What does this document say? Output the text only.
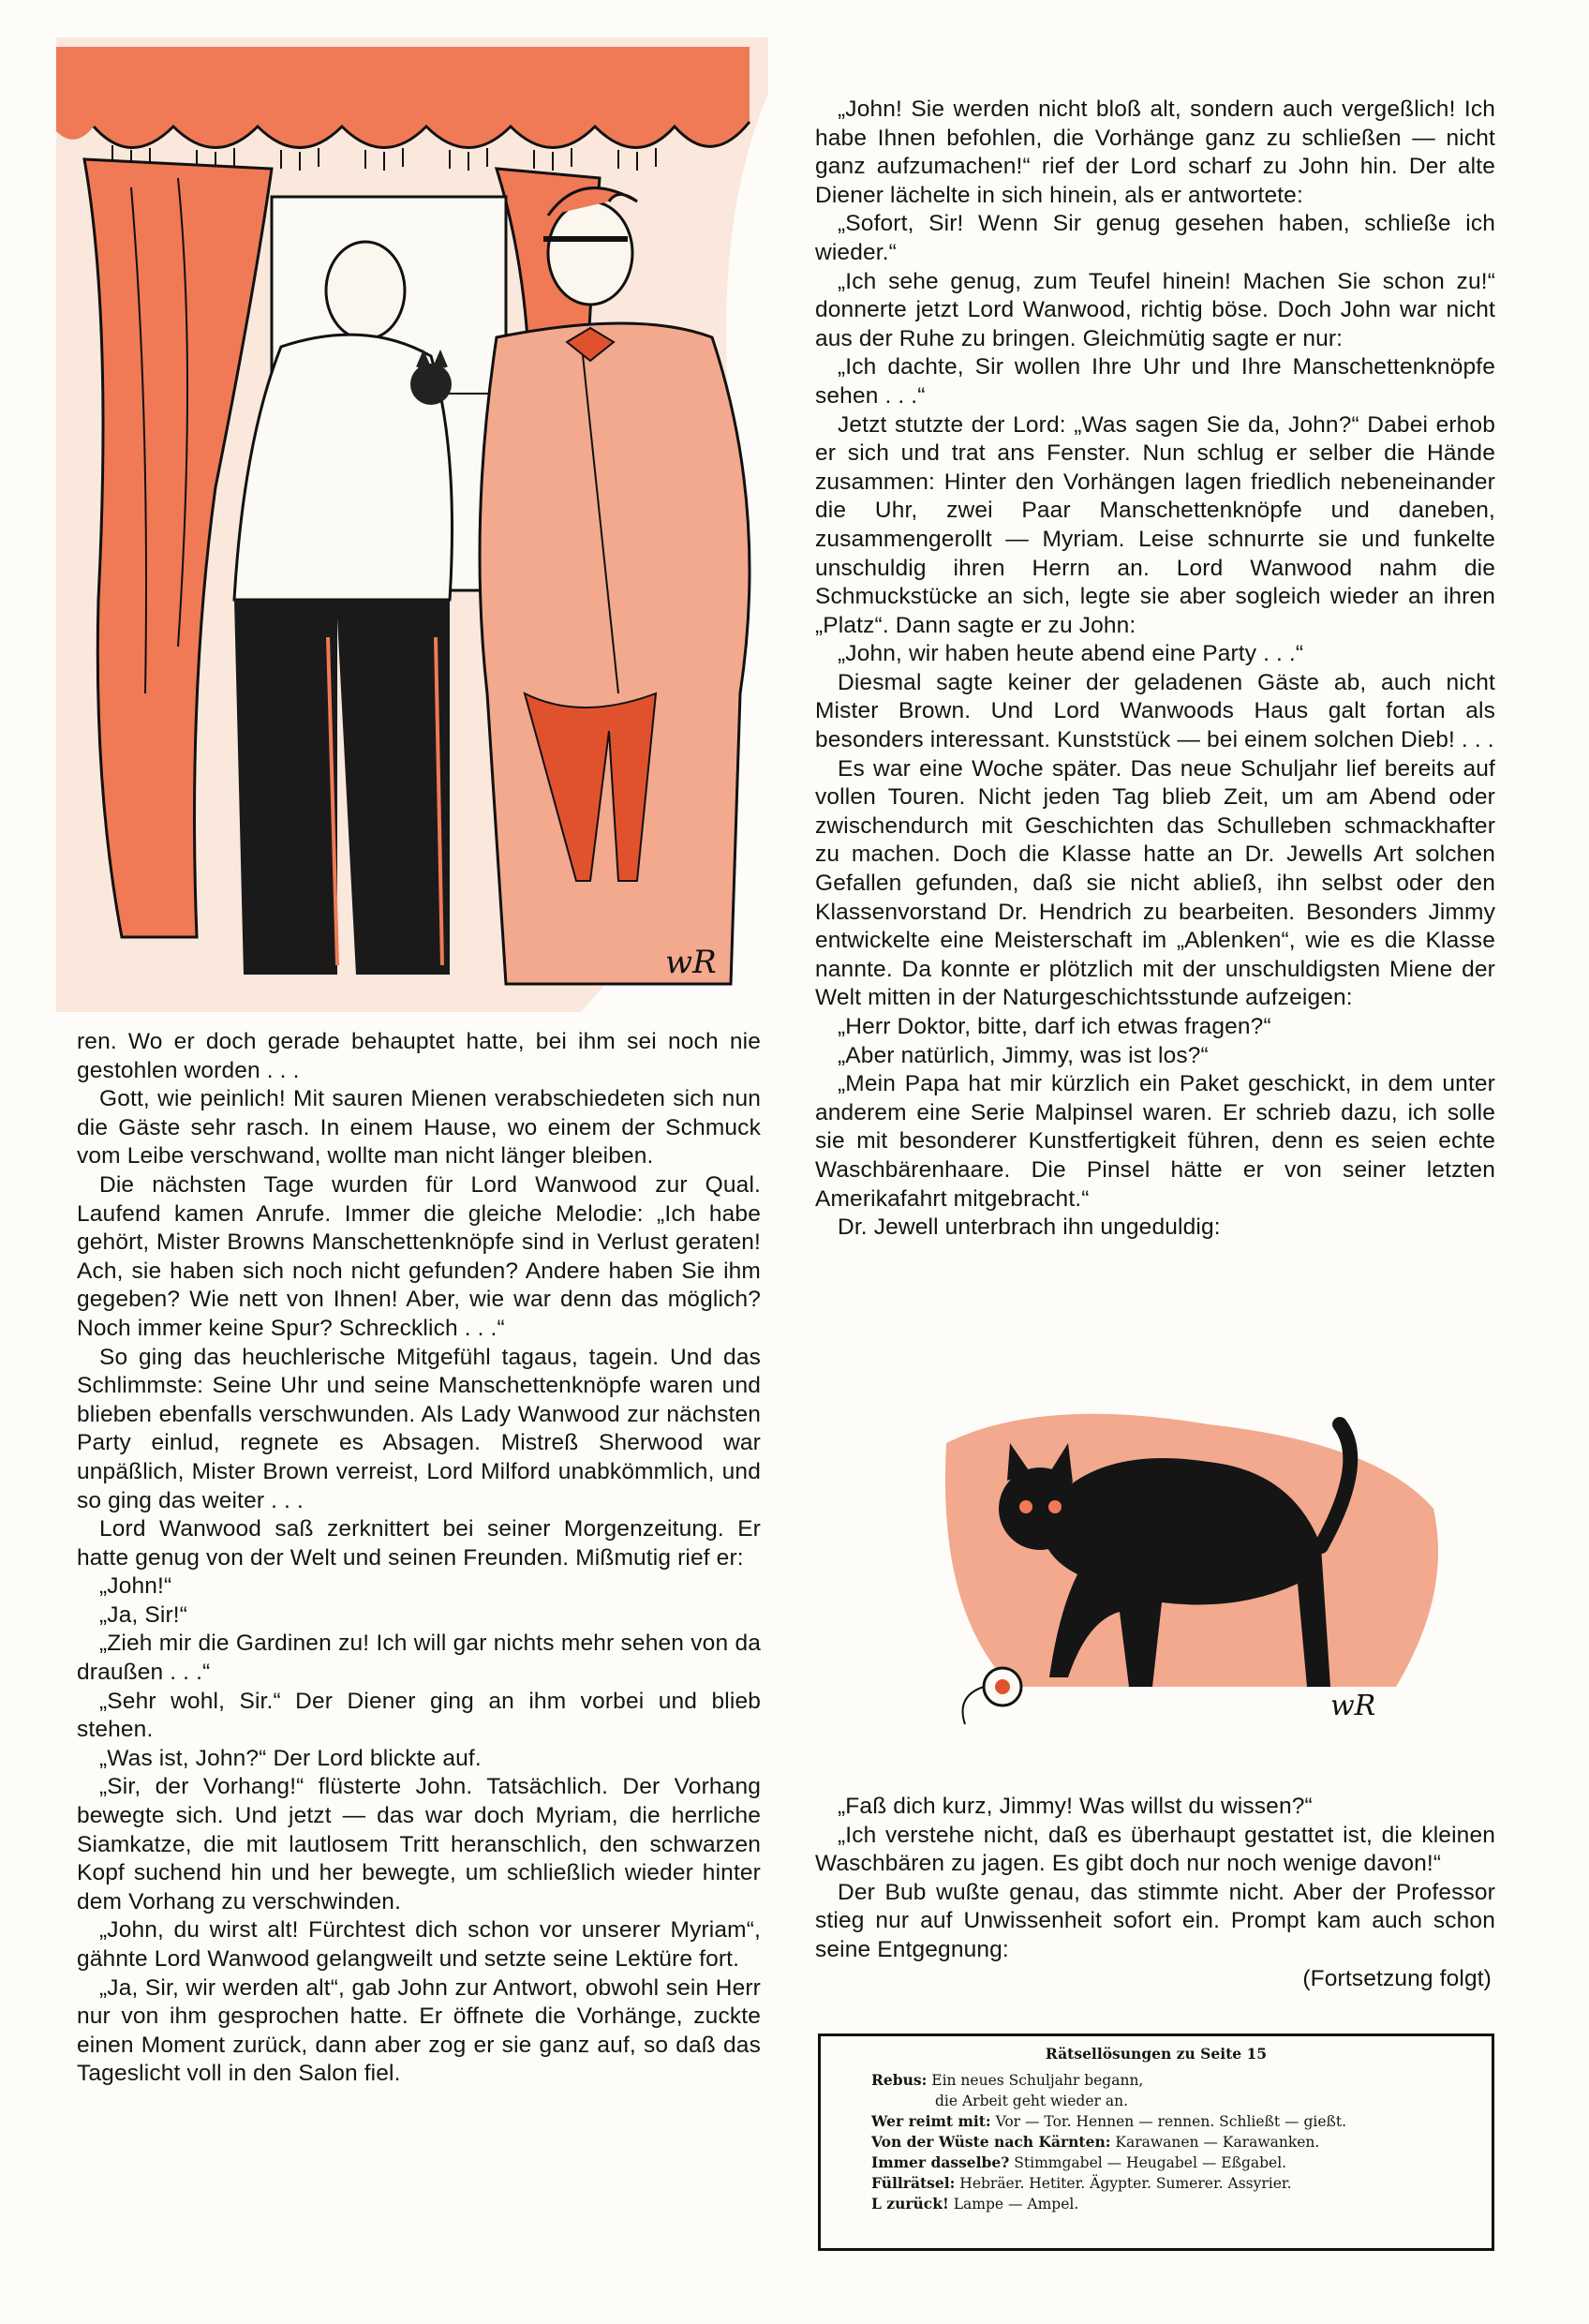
wR

ren. Wo er doch gerade behauptet hatte, bei ihm sei noch nie gestohlen worden . . .

Gott, wie peinlich! Mit sauren Mienen verabschiedeten sich nun die Gäste sehr rasch. In einem Hause, wo einem der Schmuck vom Leibe verschwand, wollte man nicht länger bleiben.

Die nächsten Tage wurden für Lord Wanwood zur Qual. Laufend kamen Anrufe. Immer die gleiche Melodie: „Ich habe gehört, Mister Browns Manschettenknöpfe sind in Verlust geraten! Ach, sie haben sich noch nicht gefunden? Andere haben Sie ihm gegeben? Wie nett von Ihnen! Aber, wie war denn das möglich? Noch immer keine Spur? Schrecklich . . .“

So ging das heuchlerische Mitgefühl tagaus, tagein. Und das Schlimmste: Seine Uhr und seine Manschettenknöpfe waren und blieben ebenfalls verschwunden. Als Lady Wanwood zur nächsten Party einlud, regnete es Absagen. Mistreß Sherwood war unpäßlich, Mister Brown verreist, Lord Milford unabkömmlich, und so ging das weiter . . .

Lord Wanwood saß zerknittert bei seiner Morgenzeitung. Er hatte genug von der Welt und seinen Freunden. Mißmutig rief er:

„John!“

„Ja, Sir!“

„Zieh mir die Gardinen zu! Ich will gar nichts mehr sehen von da draußen . . .“

„Sehr wohl, Sir.“ Der Diener ging an ihm vorbei und blieb stehen.

„Was ist, John?“ Der Lord blickte auf.

„Sir, der Vorhang!“ flüsterte John. Tatsächlich. Der Vorhang bewegte sich. Und jetzt — das war doch Myriam, die herrliche Siamkatze, die mit lautlosem Tritt heranschlich, den schwarzen Kopf suchend hin und her bewegte, um schließlich wieder hinter dem Vorhang zu verschwinden.

„John, du wirst alt! Fürchtest dich schon vor unserer Myriam“, gähnte Lord Wanwood gelangweilt und setzte seine Lektüre fort.

„Ja, Sir, wir werden alt“, gab John zur Antwort, obwohl sein Herr nur von ihm gesprochen hatte. Er öffnete die Vorhänge, zuckte einen Moment zurück, dann aber zog er sie ganz auf, so daß das Tageslicht voll in den Salon fiel.

„John! Sie werden nicht bloß alt, sondern auch vergeßlich! Ich habe Ihnen befohlen, die Vorhänge ganz zu schließen — nicht ganz aufzumachen!“ rief der Lord scharf zu John hin. Der alte Diener lächelte in sich hinein, als er antwortete:

„Sofort, Sir! Wenn Sir genug gesehen haben, schließe ich wieder.“

„Ich sehe genug, zum Teufel hinein! Machen Sie schon zu!“ donnerte jetzt Lord Wanwood, richtig böse. Doch John war nicht aus der Ruhe zu bringen. Gleichmütig sagte er nur:

„Ich dachte, Sir wollen Ihre Uhr und Ihre Manschettenknöpfe sehen . . .“

Jetzt stutzte der Lord: „Was sagen Sie da, John?“ Dabei erhob er sich und trat ans Fenster. Nun schlug er selber die Hände zusammen: Hinter den Vorhängen lagen friedlich nebeneinander die Uhr, zwei Paar Manschettenknöpfe und daneben, zusammengerollt — Myriam. Leise schnurrte sie und funkelte unschuldig ihren Herrn an. Lord Wanwood nahm die Schmuckstücke an sich, legte sie aber sogleich wieder an ihren „Platz“. Dann sagte er zu John:

„John, wir haben heute abend eine Party . . .“

Diesmal sagte keiner der geladenen Gäste ab, auch nicht Mister Brown. Und Lord Wanwoods Haus galt fortan als besonders interessant. Kunststück — bei einem solchen Dieb! . . .

Es war eine Woche später. Das neue Schuljahr lief bereits auf vollen Touren. Nicht jeden Tag blieb Zeit, um am Abend oder zwischendurch mit Geschichten das Schulleben schmackhafter zu machen. Doch die Klasse hatte an Dr. Jewells Art solchen Gefallen gefunden, daß sie nicht abließ, ihn selbst oder den Klassenvorstand Dr. Hendrich zu bearbeiten. Besonders Jimmy entwickelte eine Meisterschaft im „Ablenken“, wie es die Klasse nannte. Da konnte er plötzlich mit der unschuldigsten Miene der Welt mitten in der Naturgeschichtsstunde aufzeigen:

„Herr Doktor, bitte, darf ich etwas fragen?“

„Aber natürlich, Jimmy, was ist los?“

„Mein Papa hat mir kürzlich ein Paket geschickt, in dem unter anderem eine Serie Malpinsel waren. Er schrieb dazu, ich solle sie mit besonderer Kunstfertigkeit führen, denn es seien echte Waschbärenhaare. Die Pinsel hätte er von seiner letzten Amerikafahrt mitgebracht.“

Dr. Jewell unterbrach ihn ungeduldig:

wR

„Faß dich kurz, Jimmy! Was willst du wissen?“

„Ich verstehe nicht, daß es überhaupt gestattet ist, die kleinen Waschbären zu jagen. Es gibt doch nur noch wenige davon!“

Der Bub wußte genau, das stimmte nicht. Aber der Professor stieg nur auf Unwissenheit sofort ein. Prompt kam auch schon seine Entgegnung:

(Fortsetzung folgt)

Rätsellösungen zu Seite 15
Rebus: Ein neues Schuljahr begann,
die Arbeit geht wieder an.
Wer reimt mit: Vor — Tor. Hennen — rennen. Schließt — gießt.
Von der Wüste nach Kärnten: Karawanen — Karawanken.
Immer dasselbe? Stimmgabel — Heugabel — Eßgabel.
Füllrätsel: Hebräer. Hetiter. Ägypter. Sumerer. Assyrier.
L zurück! Lampe — Ampel.
